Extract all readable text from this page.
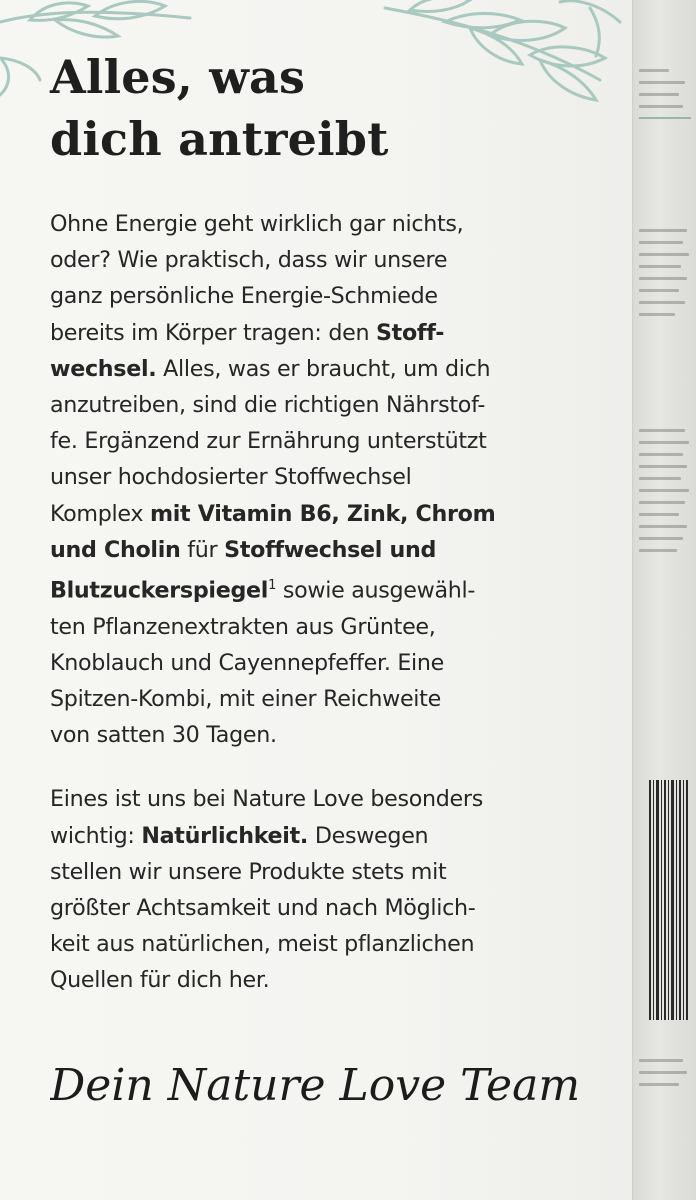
Alles, was
dich antreibt
Ohne Energie geht wirklich gar nichts,
oder? Wie praktisch, dass wir unsere
ganz persönliche Energie-Schmiede
bereits im Körper tragen: den Stoff-
wechsel. Alles, was er braucht, um dich
anzutreiben, sind die richtigen Nährstof-
fe. Ergänzend zur Ernährung unterstützt
unser hochdosierter Stoffwechsel
Komplex mit Vitamin B6, Zink, Chrom
und Cholin für Stoffwechsel und
Blutzuckerspiegel$^1$ sowie ausgewähl-
ten Pflanzenextrakten aus Grüntee,
Knoblauch und Cayennepfeffer. Eine
Spitzen-Kombi, mit einer Reichweite
von satten 30 Tagen.
Eines ist uns bei Nature Love besonders
wichtig: Natürlichkeit. Deswegen
stellen wir unsere Produkte stets mit
größter Achtsamkeit und nach Möglich-
keit aus natürlichen, meist pflanzlichen
Quellen für dich her.
Dein Nature Love Team
